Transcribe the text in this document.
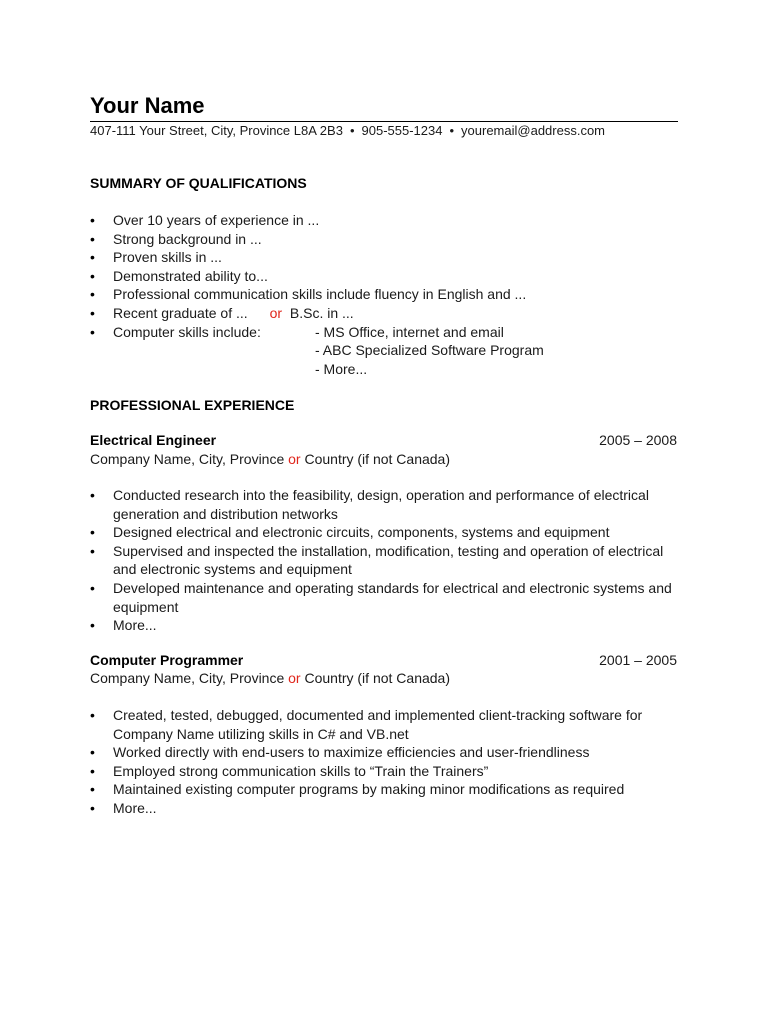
Your Name
407-111 Your Street, City, Province L8A 2B3 • 905-555-1234 • youremail@address.com
SUMMARY OF QUALIFICATIONS
• Over 10 years of experience in ...
• Strong background in ...
• Proven skills in ...
• Demonstrated ability to...
• Professional communication skills include fluency in English and ...
• Recent graduate of ... or B.Sc. in ...
• Computer skills include:	- MS Office, internet and email
- ABC Specialized Software Program
- More...
PROFESSIONAL EXPERIENCE
Electrical Engineer	2005 – 2008
Company Name, City, Province or Country (if not Canada)
• Conducted research into the feasibility, design, operation and performance of electrical generation and distribution networks
• Designed electrical and electronic circuits, components, systems and equipment
• Supervised and inspected the installation, modification, testing and operation of electrical and electronic systems and equipment
• Developed maintenance and operating standards for electrical and electronic systems and equipment
• More...
Computer Programmer	2001 – 2005
Company Name, City, Province or Country (if not Canada)
• Created, tested, debugged, documented and implemented client-tracking software for Company Name utilizing skills in C# and VB.net
• Worked directly with end-users to maximize efficiencies and user-friendliness
• Employed strong communication skills to “Train the Trainers”
• Maintained existing computer programs by making minor modifications as required
• More...
